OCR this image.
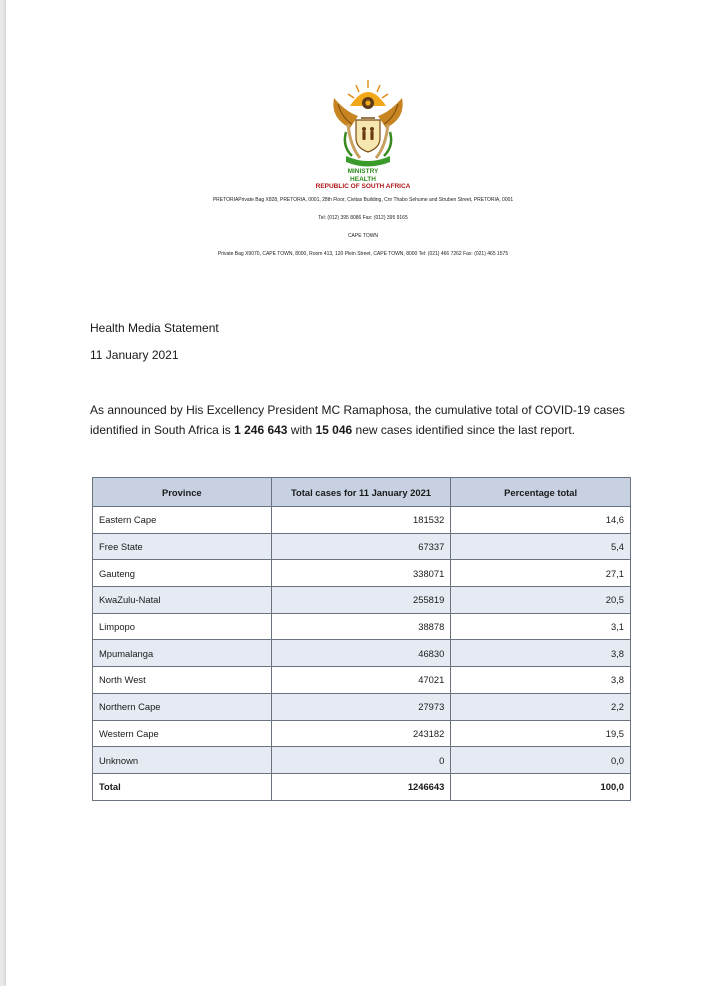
MINISTRY
HEALTH
REPUBLIC OF SOUTH AFRICA
PRETORIAPrivate Bag X828, PRETORIA, 0001, 28th Floor, Civitas Building, Cnr Thabo Sehume and Struben Street, PRETORIA, 0001
Tel: (012) 395 8086 Fax: (012) 395 9165
CAPE TOWN
Private Bag X9070, CAPE TOWN, 8000, Room 413, 120 Plein Street, CAPE TOWN, 8000 Tel: (021) 466 7262 Fax: (021) 465 1575
Health Media Statement
11 January 2021
As announced by His Excellency President MC Ramaphosa, the cumulative total of COVID-19 cases identified in South Africa is 1 246 643 with 15 046 new cases identified since the last report.
Province	Total cases for 11 January 2021	Percentage total
Eastern Cape	181532	14,6
Free State	67337	5,4
Gauteng	338071	27,1
KwaZulu-Natal	255819	20,5
Limpopo	38878	3,1
Mpumalanga	46830	3,8
North West	47021	3,8
Northern Cape	27973	2,2
Western Cape	243182	19,5
Unknown	0	0,0
Total	1246643	100,0
